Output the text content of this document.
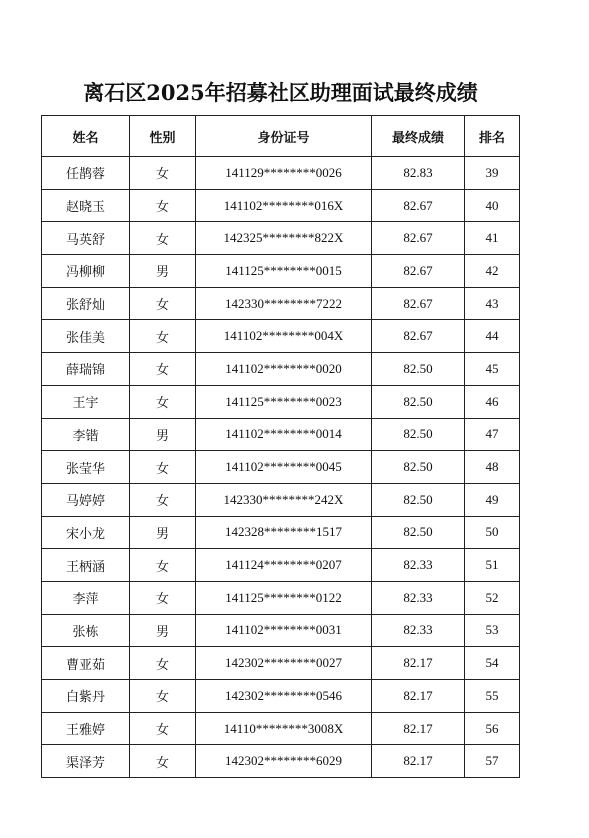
离石区2025年招募社区助理面试最终成绩
姓名	性别	身份证号	最终成绩	排名
任鹊蓉	女	141129********0026	82.83	39
赵晓玉	女	141102********016X	82.67	40
马英舒	女	142325********822X	82.67	41
冯柳柳	男	141125********0015	82.67	42
张舒灿	女	142330********7222	82.67	43
张佳美	女	141102********004X	82.67	44
薛瑞锦	女	141102********0020	82.50	45
王宇	女	141125********0023	82.50	46
李锴	男	141102********0014	82.50	47
张莹华	女	141102********0045	82.50	48
马婷婷	女	142330********242X	82.50	49
宋小龙	男	142328********1517	82.50	50
王柄涵	女	141124********0207	82.33	51
李萍	女	141125********0122	82.33	52
张栋	男	141102********0031	82.33	53
曹亚茹	女	142302********0027	82.17	54
白紫丹	女	142302********0546	82.17	55
王雅婷	女	14110********3008X	82.17	56
渠泽芳	女	142302********6029	82.17	57
